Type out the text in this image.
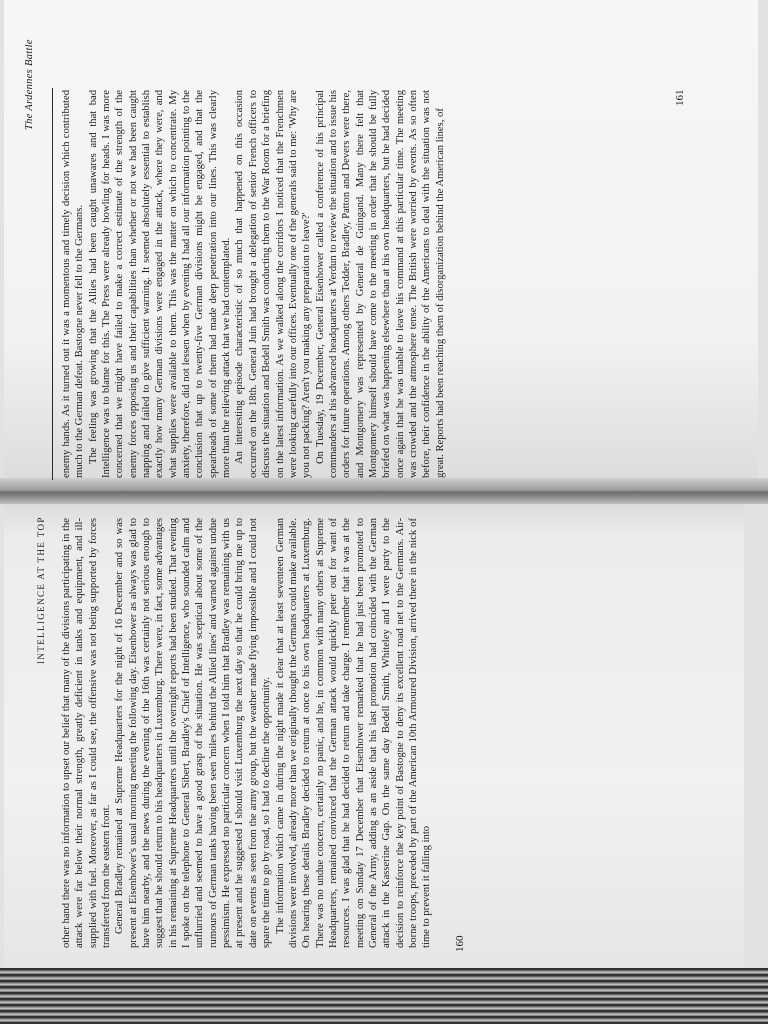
INTELLIGENCE AT THE TOP other hand there was no information to upset our belief that many of the divisions participating in the attack were far below their normal strength, greatly deficient in tanks and equipment, and ill-supplied with fuel. Moreover, as far as I could see, the offensive was not being supported by forces transferred from the eastern front. General Bradley remained at Supreme Headquarters for the night of 16 December and so was present at Eisenhower's usual morning meeting the following day. Eisenhower as always was glad to have him nearby, and the news during the evening of the 16th was certainly not serious enough to suggest that he should return to his headquarters in Luxemburg. There were, in fact, some advantages in his remaining at Supreme Headquarters until the overnight reports had been studied. That evening I spoke on the telephone to General Sibert, Bradley's Chief of Intelligence, who sounded calm and unflurried and seemed to have a good grasp of the situation. He was sceptical about some of the rumours of German tanks having been seen 'miles behind the Allied lines' and warned against undue pessimism. He expressed no particular concern when I told him that Bradley was remaining with us at present and he suggested I should visit Luxemburg the next day so that he could bring me up to date on events as seen from the army group, but the weather made flying impossible and I could not spare the time to go by road, so I had to decline the opportunity. The information which came in during the night made it clear that at least seventeen German divisions were involved, already more than we originally thought the Germans could make available. On hearing these details Bradley decided to return at once to his own headquarters at Luxemburg. There was no undue concern, certainly no panic, and he, in common with many others at Supreme Headquarters, remained convinced that the German attack would quickly peter out for want of resources. I was glad that he had decided to return and take charge. I remember that it was at the meeting on Sunday 17 December that Eisenhower remarked that he had just been promoted to General of the Army, adding as an aside that his last promotion had coincided with the German attack in the Kasserine Gap. On the same day Bedell Smith, Whiteley and I were party to the decision to reinforce the key point of Bastogne to deny its excellent road net to the Germans. Air-borne troops, preceded by part of the American 10th Armoured Division, arrived there in the nick of time to prevent it falling into 160
The Ardennes Battle

enemy hands. As it turned out it was a momentous and timely decision which contributed much to the German defeat. Bastogne never fell to the Germans. The feeling was growing that the Allies had been caught unawares and that bad Intelligence was to blame for this. The Press were already howling for heads. I was more concerned that we might have failed to make a correct estimate of the strength of the enemy forces opposing us and their capabilities than whether or not we had been caught napping and failed to give sufficient warning. It seemed absolutely essential to establish exactly how many German divisions were engaged in the attack, where they were, and what supplies were available to them. This was the matter on which to concentrate. My anxiety, therefore, did not lessen when by evening I had all our information pointing to the conclusion that up to twenty-five German divisions might be engaged, and that the spearheads of some of them had made deep penetration into our lines. This was clearly more than the relieving attack that we had contemplated. An interesting episode characteristic of so much that happened on this occasion occurred on the 18th. General Juin had brought a delegation of senior French officers to discuss the situation and Bedell Smith was conducting them to the War Room for a briefing on the latest information. As we walked along the corridors I noticed that the Frenchmen were looking carefully into our offices. Eventually one of the generals said to me: 'Why are you not packing? Aren't you making any preparation to leave?' On Tuesday, 19 December, General Eisenhower called a conference of his principal commanders at his advanced headquarters at Verdun to review the situation and to issue his orders for future operations. Among others Tedder, Bradley, Patton and Devers were there, and Montgomery was represented by General de Guingand. Many there felt that Montgomery himself should have come to the meeting in order that he should be fully briefed on what was happening elsewhere than at his own headquarters, but he had decided once again that he was unable to leave his command at this particular time. The meeting was crowded and the atmosphere tense. The British were worried by events. As so often before, their confidence in the ability of the Americans to deal with the situation was not great. Reports had been reaching them of disorganization behind the American lines, of

161
